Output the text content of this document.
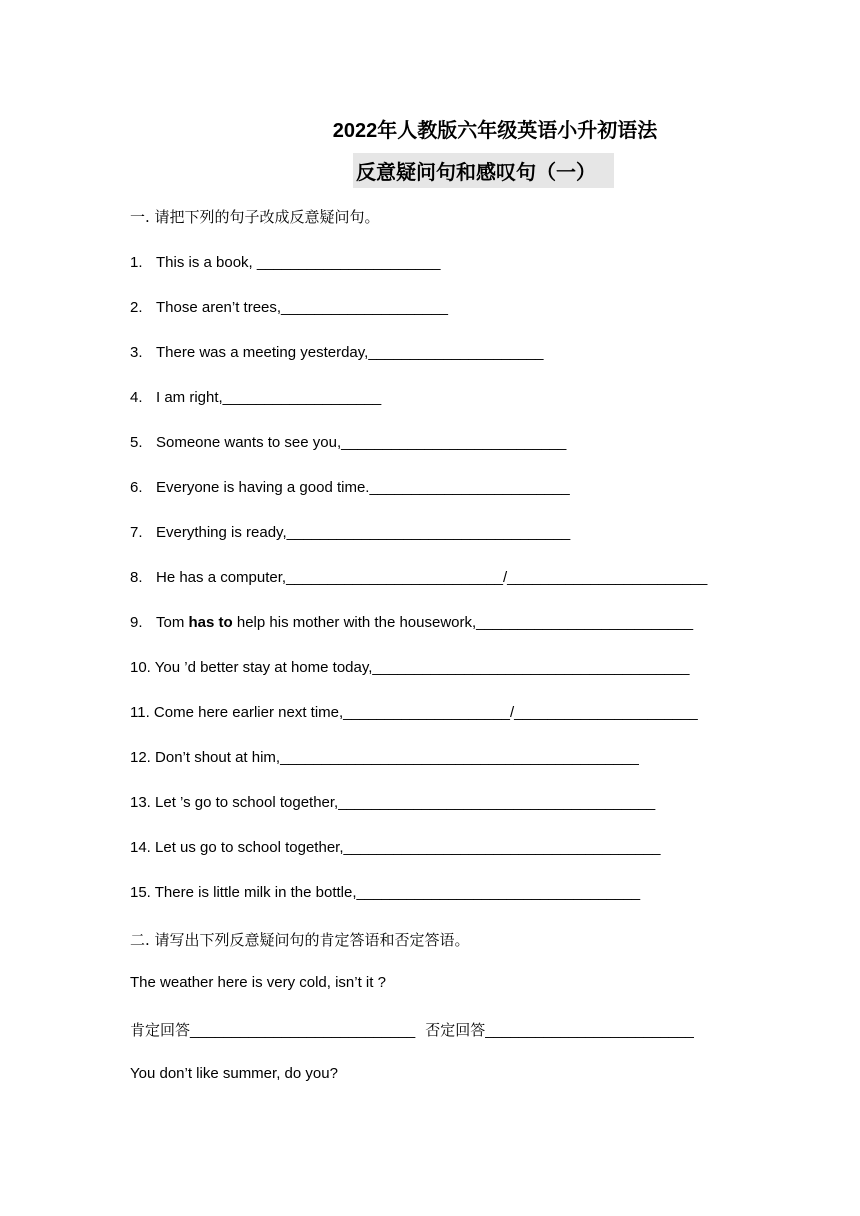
2022年人教版六年级英语小升初语法
反意疑问句和感叹句（一）
一. 请把下列的句子改成反意疑问句。
1. This is a book, ______________________
2. Those aren’t trees,____________________
3. There was a meeting yesterday,_____________________
4. I am right,___________________
5. Someone wants to see you,___________________________
6. Everyone is having a good time.________________________
7. Everything is ready,__________________________________
8. He has a computer,__________________________/________________________
9. Tom has to help his mother with the housework,__________________________
10. You ’d better stay at home today,______________________________________
11. Come here earlier next time,____________________/______________________
12. Don’t shout at him,___________________________________________
13. Let ’s go to school together,______________________________________
14. Let us go to school together,______________________________________
15. There is little milk in the bottle,__________________________________
二. 请写出下列反意疑问句的肯定答语和否定答语。
The weather here is very cold, isn’t it ?
肯定回答___________________________ 否定回答_________________________
You don’t like summer, do you?
